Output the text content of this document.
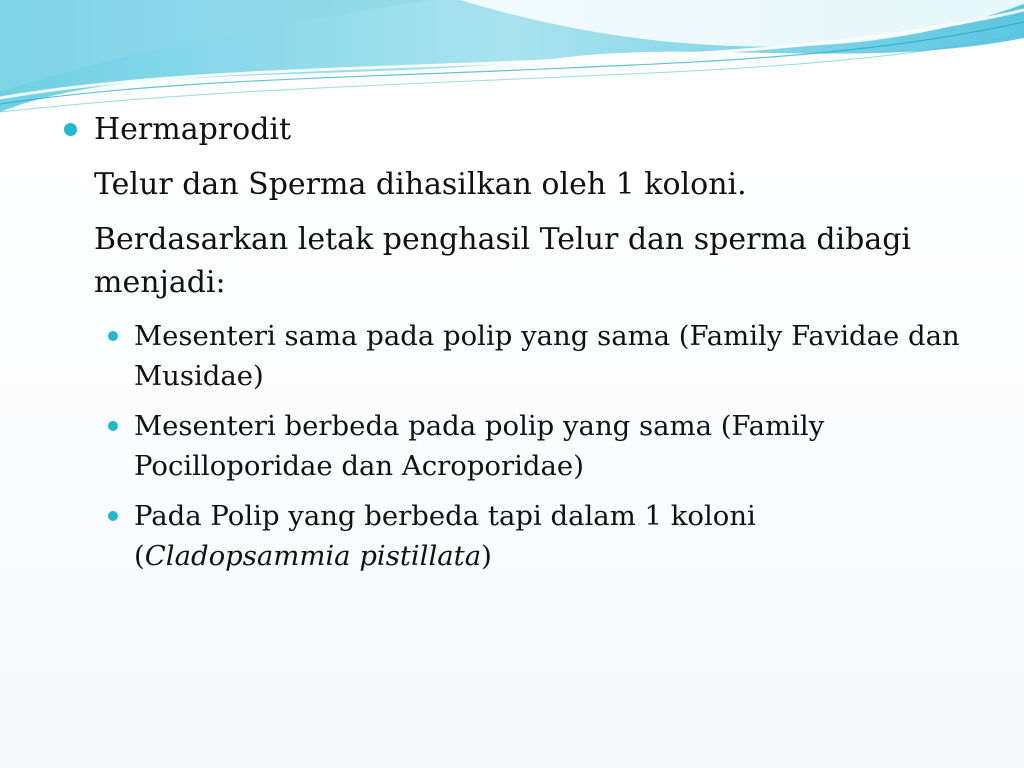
Hermaprodit
Telur dan Sperma dihasilkan oleh 1 koloni.
Berdasarkan letak penghasil Telur dan sperma dibagi menjadi:
Mesenteri sama pada polip yang sama (Family Favidae dan Musidae)
Mesenteri berbeda pada polip yang sama (Family Pocilloporidae dan Acroporidae)
Pada Polip yang berbeda tapi dalam 1 koloni (Cladopsammia pistillata)
